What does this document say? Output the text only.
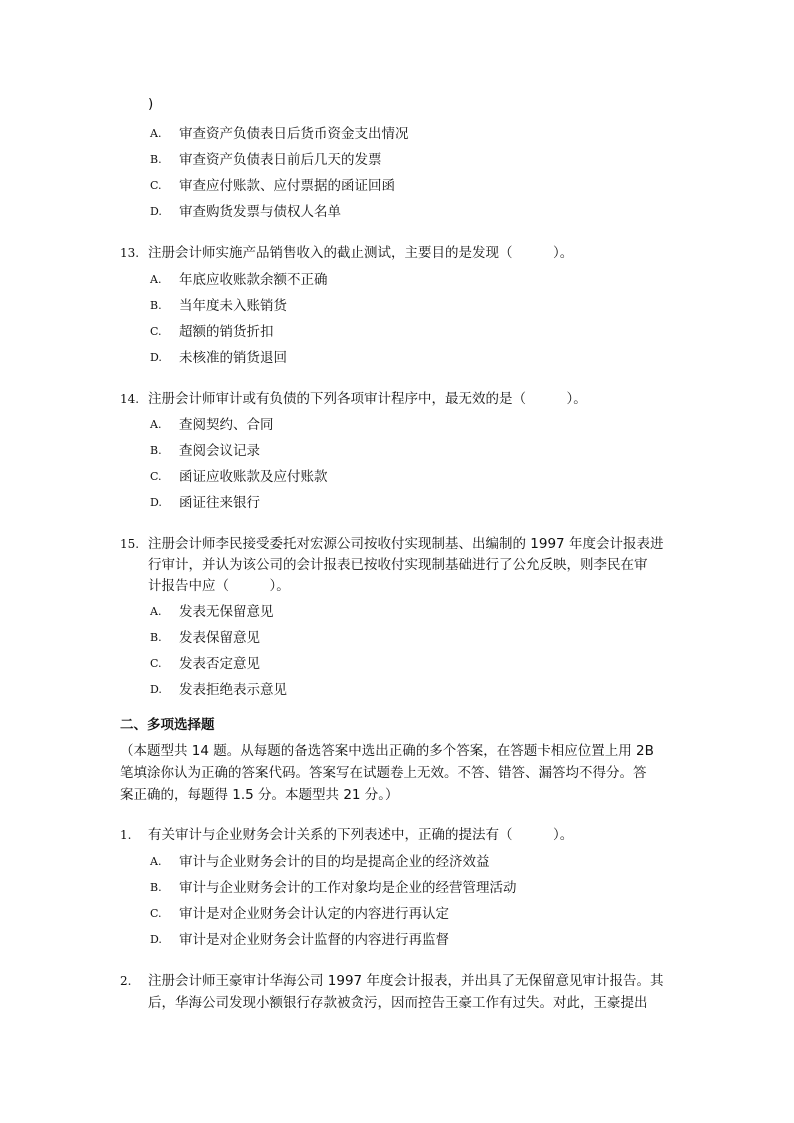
)
A. 审查资产负债表日后货币资金支出情况
B. 审查资产负债表日前后几天的发票
C. 审查应付账款、应付票据的函证回函
D. 审查购货发票与债权人名单
13. 注册会计师实施产品销售收入的截止测试，主要目的是发现（　　　）。
A. 年底应收账款余额不正确
B. 当年度未入账销货
C. 超额的销货折扣
D. 未核准的销货退回
14. 注册会计师审计或有负债的下列各项审计程序中，最无效的是（　　　）。
A. 查阅契约、合同
B. 查阅会议记录
C. 函证应收账款及应付账款
D. 函证往来银行
15. 注册会计师李民接受委托对宏源公司按收付实现制基、出编制的 1997 年度会计报表进
行审计，并认为该公司的会计报表已按收付实现制基础进行了公允反映，则李民在审
计报告中应（　　　）。
A. 发表无保留意见
B. 发表保留意见
C. 发表否定意见
D. 发表拒绝表示意见
二、多项选择题
（本题型共 14 题。从每题的备选答案中选出正确的多个答案，在答题卡相应位置上用 2B
笔填涂你认为正确的答案代码。答案写在试题卷上无效。不答、错答、漏答均不得分。答
案正确的，每题得 1.5 分。本题型共 21 分。）
1. 有关审计与企业财务会计关系的下列表述中，正确的提法有（　　　）。
A. 审计与企业财务会计的目的均是提高企业的经济效益
B. 审计与企业财务会计的工作对象均是企业的经营管理活动
C. 审计是对企业财务会计认定的内容进行再认定
D. 审计是对企业财务会计监督的内容进行再监督
2. 注册会计师王豪审计华海公司 1997 年度会计报表，并出具了无保留意见审计报告。其
后，华海公司发现小额银行存款被贪污，因而控告王豪工作有过失。对此，王豪提出
